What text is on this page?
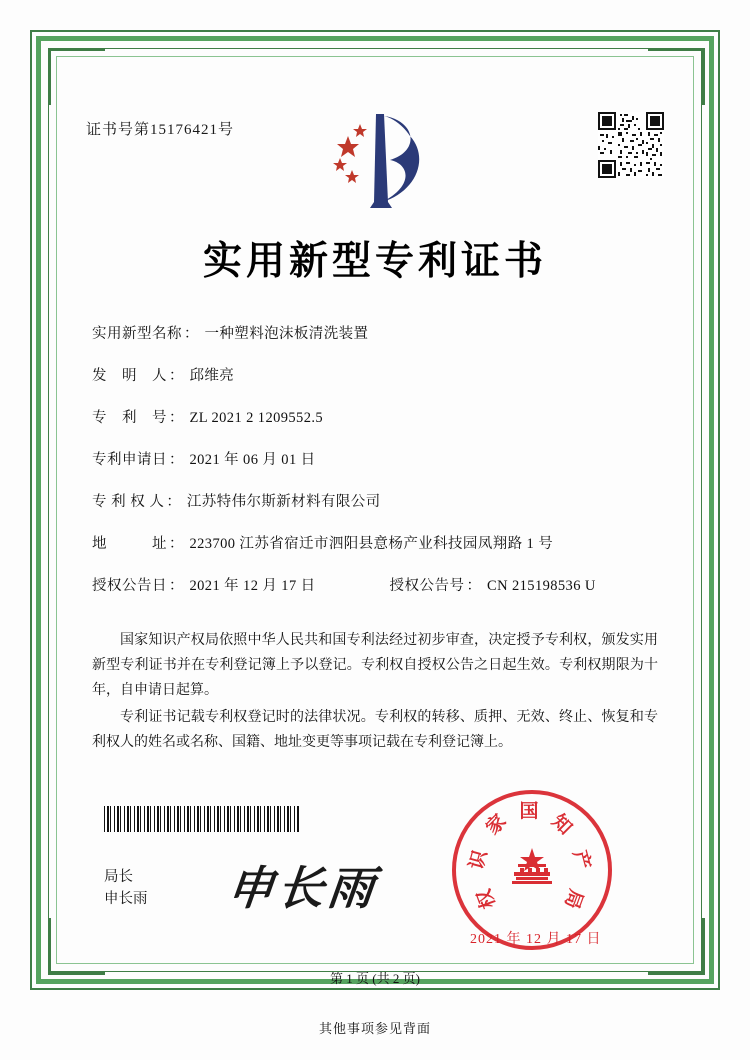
证书号第15176421号
实用新型专利证书
实用新型名称 ： 一种塑料泡沫板清洗装置
发　明　人 ： 邱维亮
专　利　号 ： ZL 2021 2 1209552.5
专利申请日 ： 2021 年 06 月 01 日
专 利 权 人 ： 江苏特伟尔斯新材料有限公司
地　　　址 ： 223700 江苏省宿迁市泗阳县意杨产业科技园凤翔路 1 号
授权公告日 ： 2021 年 12 月 17 日	授权公告号 ： CN 215198536 U

国家知识产权局依照中华人民共和国专利法经过初步审查，决定授予专利权，颁发实用新型专利证书并在专利登记簿上予以登记。专利权自授权公告之日起生效。专利权期限为十年，自申请日起算。

专利证书记载专利权登记时的法律状况。专利权的转移、质押、无效、终止、恢复和专利权人的姓名或名称、国籍、地址变更等事项记载在专利登记簿上。

局长
申长雨 申长雨
国
家 知
识	产
权	局
2021 年 12 月 17 日
第 1 页 (共 2 页)
其他事项参见背面
